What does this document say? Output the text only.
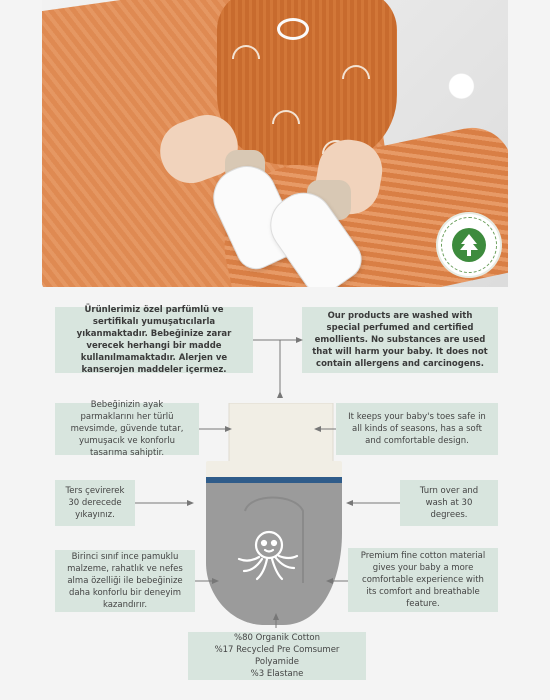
Ürünlerimiz özel parfümlü ve sertifikalı yumuşatıcılarla yıkanmaktadır. Bebeğinize zarar verecek herhangi bir madde kullanılmamaktadır. Alerjen ve kanserojen maddeler içermez.
Bebeğinizin ayak parmaklarını her türlü mevsimde, güvende tutar, yumuşacık ve konforlu tasarıma sahiptir.
Ters çevirerek 30 derecede yıkayınız.
Birinci sınıf ince pamuklu malzeme, rahatlık ve nefes alma özelliği ile bebeğinize daha konforlu bir deneyim kazandırır.
Our products are washed with special perfumed and certified emollients. No substances are used that will harm your baby. It does not contain allergens and carcinogens.
It keeps your baby's toes safe in all kinds of seasons, has a soft and comfortable design.
Turn over and wash at 30 degrees.
Premium fine cotton material gives your baby a more comfortable experience with its comfort and breathable feature.
%80 Organik Cotton
%17 Recycled Pre Comsumer Polyamide
%3 Elastane
